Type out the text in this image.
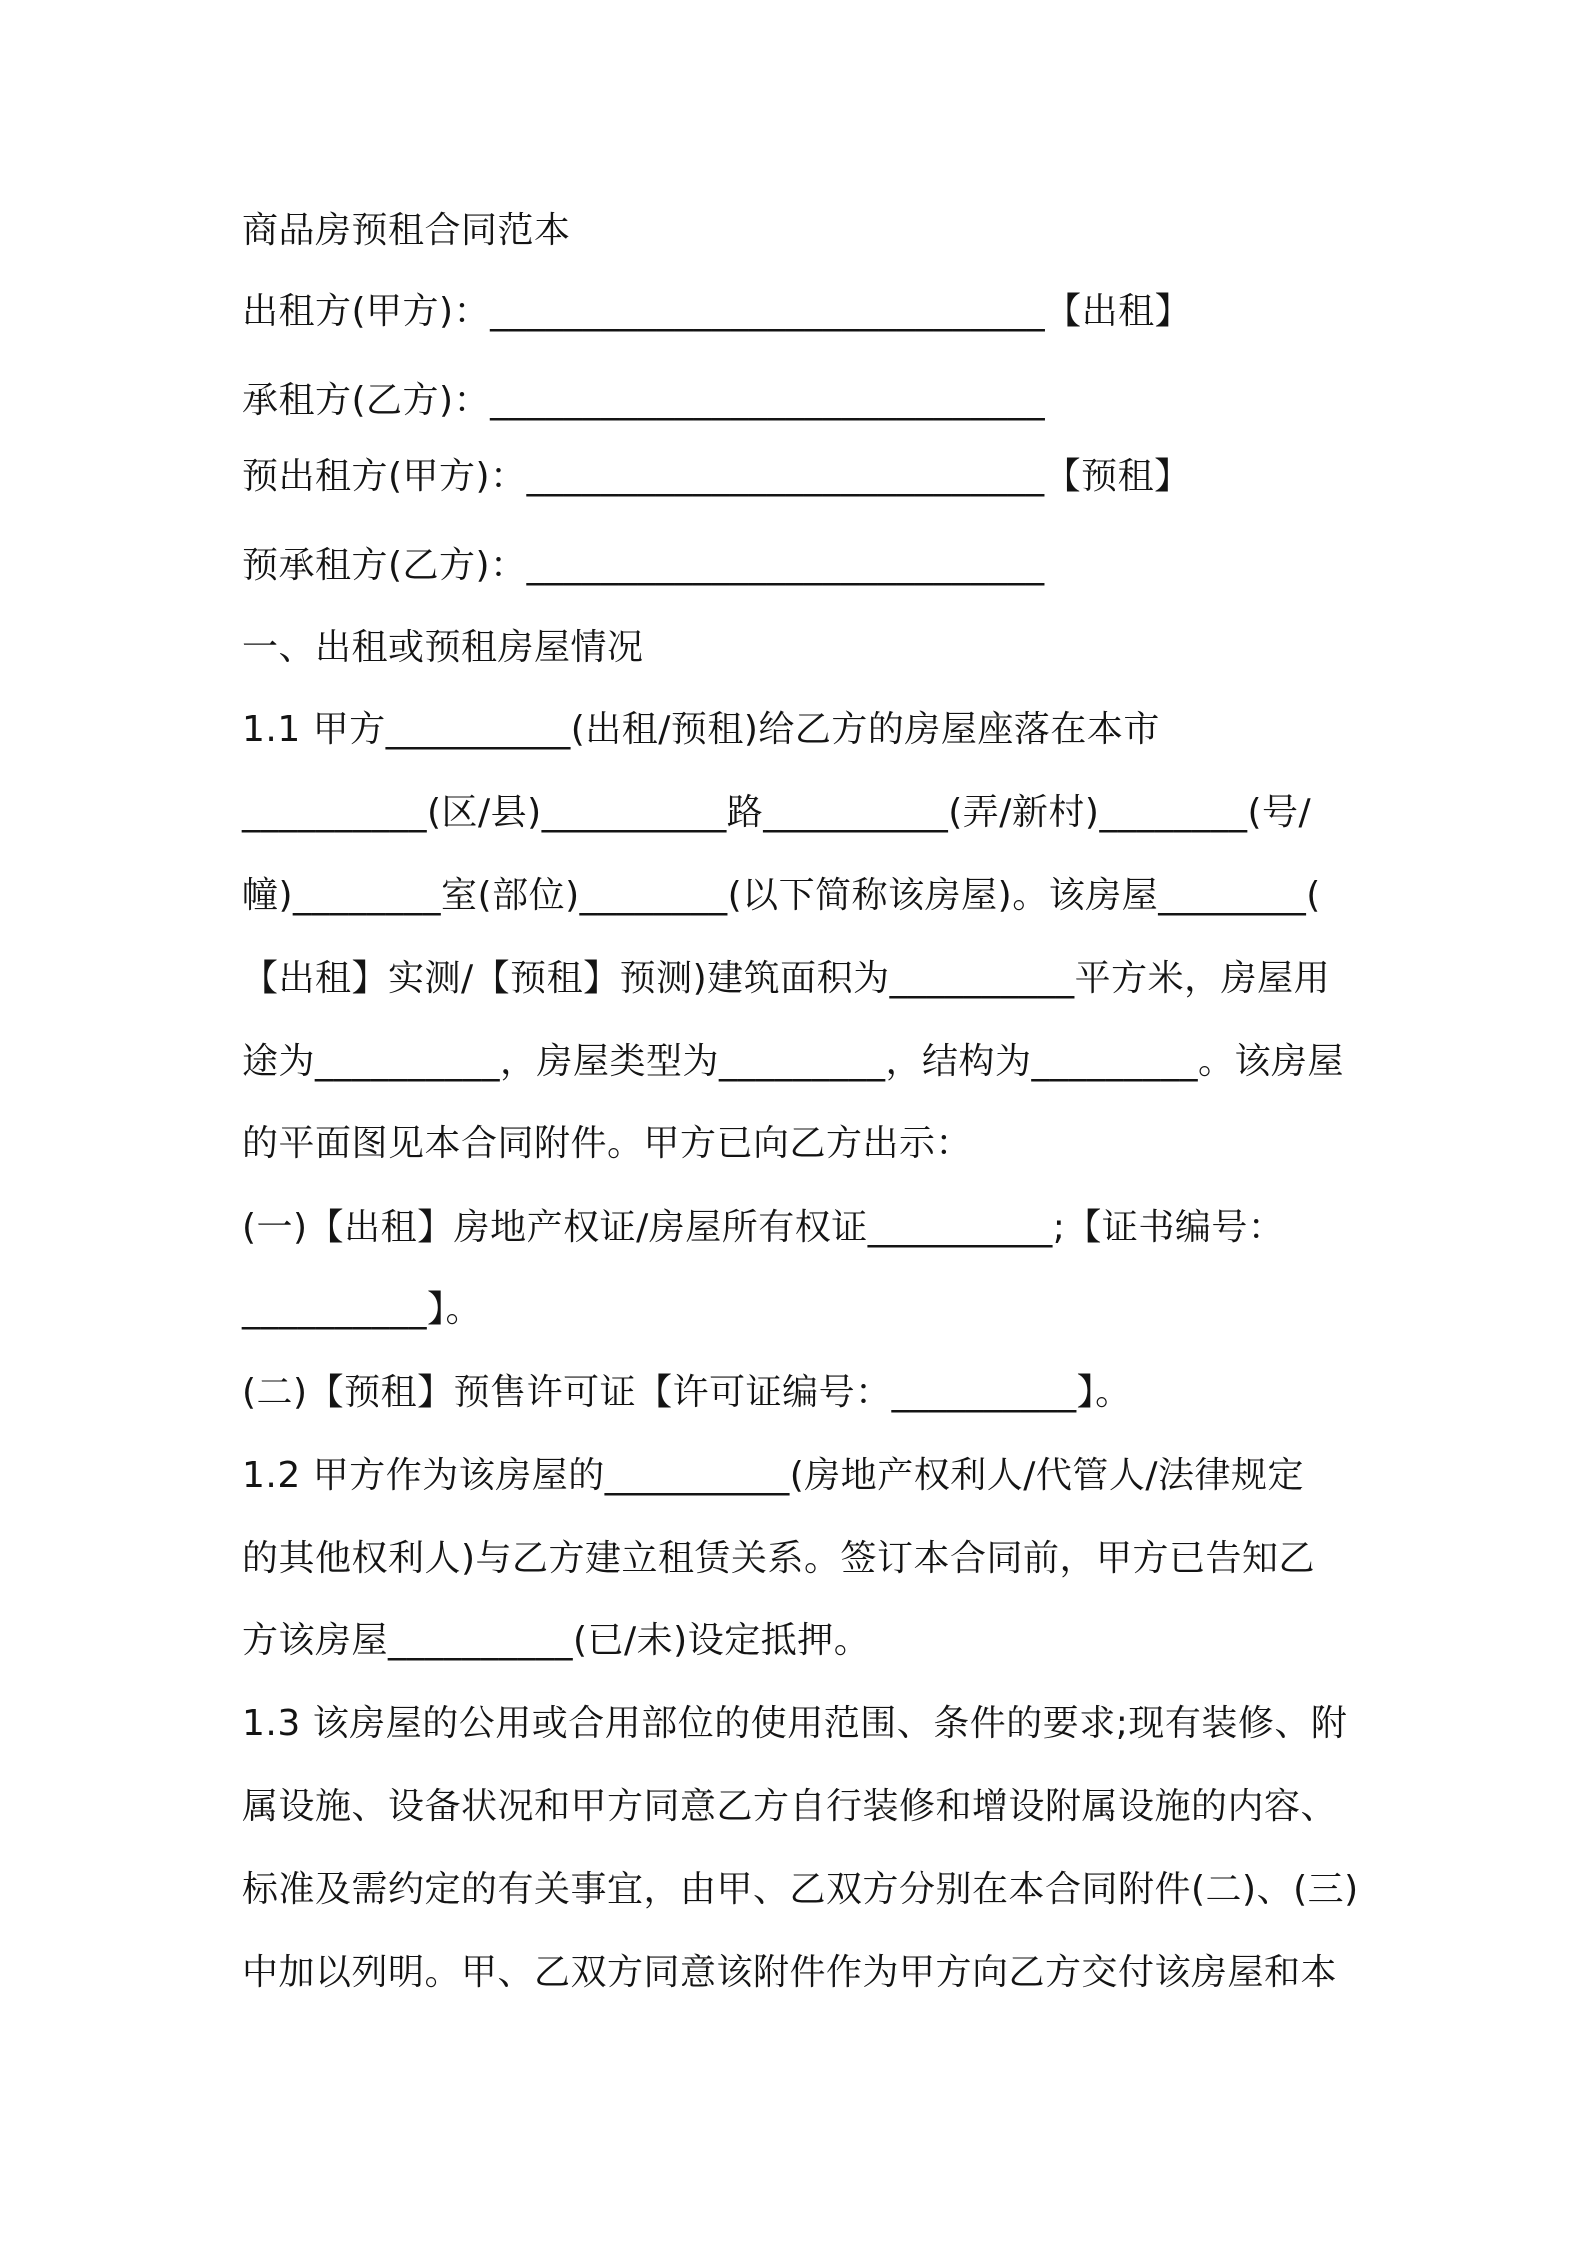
商品房预租合同范本
出租方(甲方)：______________________________【出租】
承租方(乙方)：______________________________
预出租方(甲方)：____________________________【预租】
预承租方(乙方)：____________________________
一、出租或预租房屋情况
1.1 甲方__________(出租/预租)给乙方的房屋座落在本市
__________(区/县)__________路__________(弄/新村)________(号/
幢)________室(部位)________(以下简称该房屋)。该房屋________(
【出租】实测/【预租】预测)建筑面积为__________平方米，房屋用
途为__________，房屋类型为_________，结构为_________。该房屋
的平面图见本合同附件。甲方已向乙方出示：
(一)【出租】房地产权证/房屋所有权证__________;【证书编号：
__________】。
(二)【预租】预售许可证【许可证编号：__________】。
1.2 甲方作为该房屋的__________(房地产权利人/代管人/法律规定
的其他权利人)与乙方建立租赁关系。签订本合同前，甲方已告知乙
方该房屋__________(已/未)设定抵押。
1.3 该房屋的公用或合用部位的使用范围、条件的要求;现有装修、附
属设施、设备状况和甲方同意乙方自行装修和增设附属设施的内容、
标准及需约定的有关事宜，由甲、乙双方分别在本合同附件(二)、(三)
中加以列明。甲、乙双方同意该附件作为甲方向乙方交付该房屋和本
